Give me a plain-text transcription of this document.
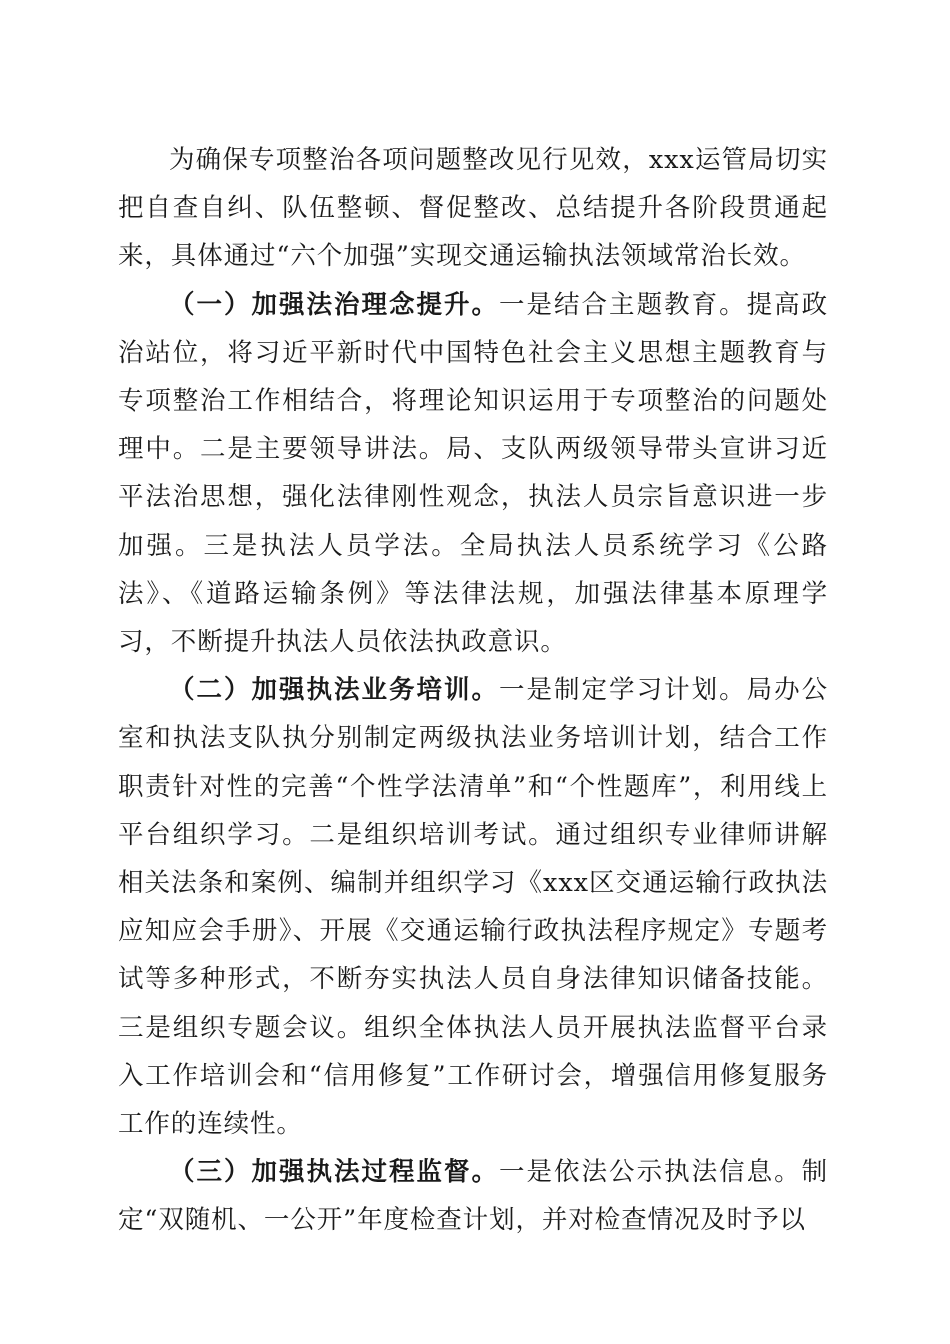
为确保专项整治各项问题整改见行见效，xxx运管局切实把自查自纠、队伍整顿、督促整改、总结提升各阶段贯通起来，具体通过“六个加强”实现交通运输执法领域常治长效。

（一）加强法治理念提升。一是结合主题教育。提高政治站位，将习近平新时代中国特色社会主义思想主题教育与专项整治工作相结合，将理论知识运用于专项整治的问题处理中。二是主要领导讲法。局、支队两级领导带头宣讲习近平法治思想，强化法律刚性观念，执法人员宗旨意识进一步加强。三是执法人员学法。全局执法人员系统学习《公路法》、《道路运输条例》等法律法规，加强法律基本原理学习，不断提升执法人员依法执政意识。

（二）加强执法业务培训。一是制定学习计划。局办公室和执法支队执分别制定两级执法业务培训计划，结合工作职责针对性的完善“个性学法清单”和“个性题库”，利用线上平台组织学习。二是组织培训考试。通过组织专业律师讲解相关法条和案例、编制并组织学习《xxx区交通运输行政执法应知应会手册》、开展《交通运输行政执法程序规定》专题考试等多种形式，不断夯实执法人员自身法律知识储备技能。三是组织专题会议。组织全体执法人员开展执法监督平台录入工作培训会和“信用修复”工作研讨会，增强信用修复服务工作的连续性。

（三）加强执法过程监督。一是依法公示执法信息。制定“双随机、一公开”年度检查计划，并对检查情况及时予以
